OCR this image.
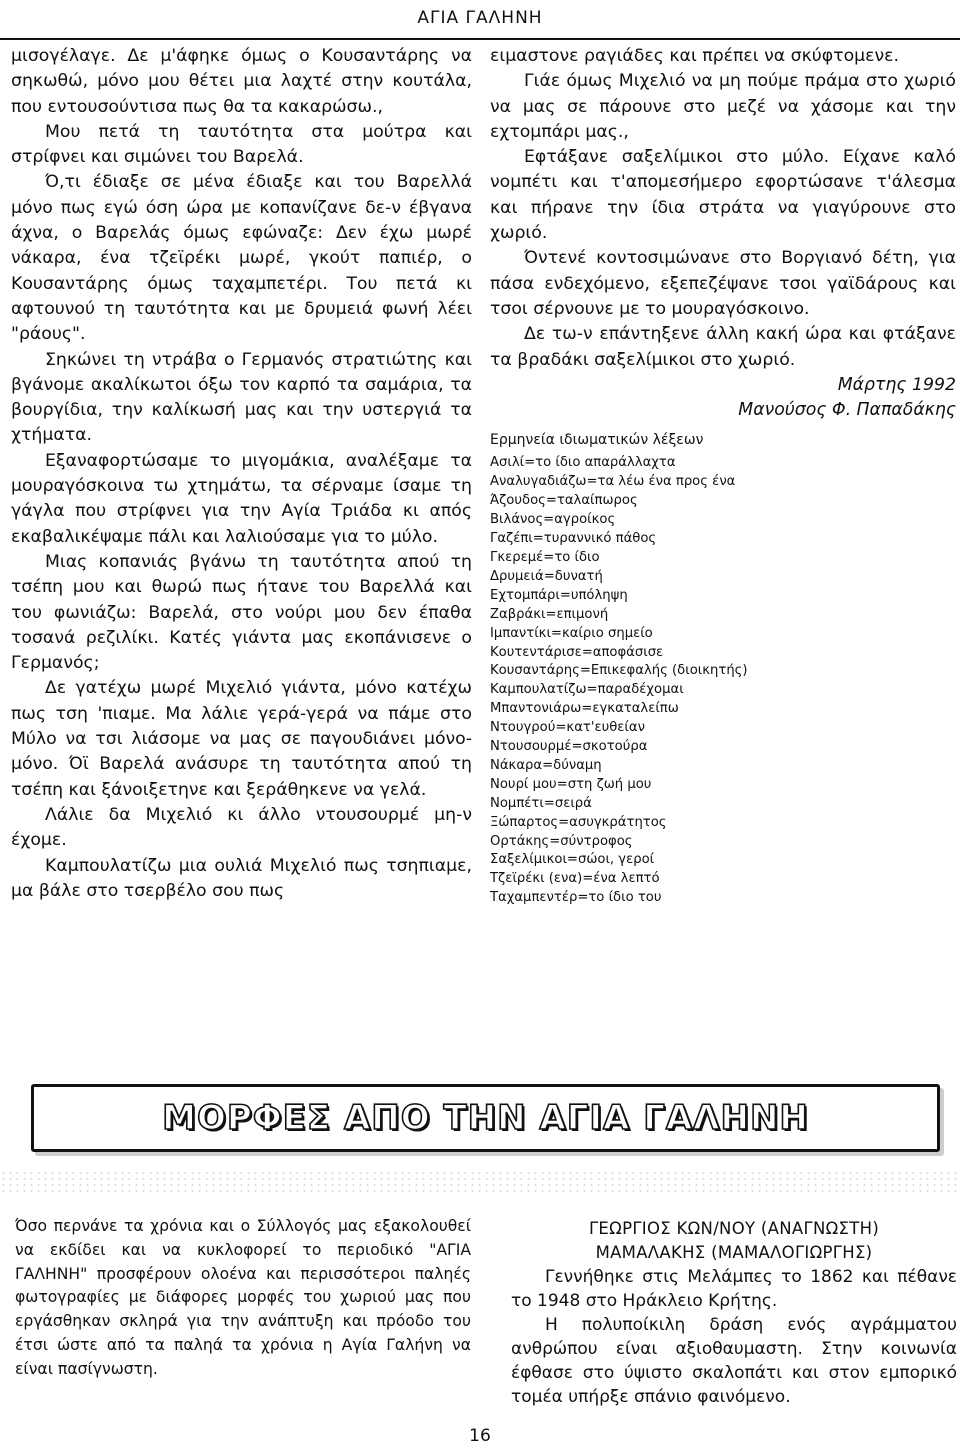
ΑΓΙΑ ΓΑΛΗΝΗ

μισογέλαγε. Δε μ'άφηκε όμως ο Κουσαντάρης να σηκωθώ, μόνο μου θέτει μια λαχτέ στην κουτάλα, που εντουσούντισα πως θα τα κακαρώσω.,

Μου πετά τη ταυτότητα στα μούτρα και στρίφνει και σιμώνει του Βαρελά.

Ό,τι έδιαξε σε μένα έδιαξε και του Βαρελλά μόνο πως εγώ όση ώρα με κοπανίζανε δε-ν έβγανα άχνα, ο Βαρελάς όμως εφώναζε: Δεν έχω μωρέ νάκαρα, ένα τζεϊρέκι μωρέ, γκούτ παπιέρ, ο Κουσαντάρης όμως ταχαμπετέρι. Του πετά κι αφτουνού τη ταυτότητα και με δρυμειά φωνή λέει "ράους".

Σηκώνει τη ντράβα ο Γερμανός στρατιώτης και βγάνομε ακαλίκωτοι όξω τον καρπό τα σαμάρια, τα βουργίδια, την καλίκωσή μας και την υστεργιά τα χτήματα.

Εξαναφορτώσαμε το μιγομάκια, αναλέξαμε τα μουραγόσκοινα τω χτημάτω, τα σέρναμε ίσαμε τη γάγλα που στρίφνει για την Αγία Τριάδα κι απός εκαβαλικέψαμε πάλι και λαλιούσαμε για το μύλο.

Μιας κοπανιάς βγάνω τη ταυτότητα απού τη τσέπη μου και θωρώ πως ήτανε του Βαρελλά και του φωνιάζω: Βαρελά, στο νούρι μου δεν έπαθα τοσανά ρεζιλίκι. Κατές γιάντα μας εκοπάνισενε ο Γερμανός;

Δε γατέχω μωρέ Μιχελιό γιάντα, μόνο κατέχω πως τση 'πιαμε. Μα λάλιε γερά-γερά να πάμε στο Μύλο να τσι λιάσομε να μας σε παγουδιάνει μόνο-μόνο. Όϊ Βαρελά ανάσυρε τη ταυτότητα απού τη τσέπη και ξάνοιξετηνε και ξεράθηκενε να γελά.

Λάλιε δα Μιχελιό κι άλλο ντουσουρμέ μη-ν έχομε.

Καμπουλατίζω μια ουλιά Μιχελιό πως τσηπιαμε, μα βάλε στο τσερβέλο σου πως

ειμαστονε ραγιάδες και πρέπει να σκύφτομενε.

Γιάε όμως Μιχελιό να μη πούμε πράμα στο χωριό να μας σε πάρουνε στο μεζέ να χάσομε και την εχτομπάρι μας.,

Εφτάξανε σαξελίμικοι στο μύλο. Είχανε καλό νομπέτι και τ'απομεσήμερο εφορτώσανε τ'άλεσμα και πήρανε την ίδια στράτα να γιαγύρουνε στο χωριό.

Όντενέ κοντοσιμώνανε στο Βοργιανό δέτη, για πάσα ενδεχόμενο, εξεπεζέψανε τσοι γαϊδάρους και τσοι σέρνουνε με το μουραγόσκοινο.

Δε τω-ν επάντηξενε άλλη κακή ώρα και φτάξανε τα βραδάκι σαξελίμικοι στο χωριό.

Μάρτης 1992

Μανούσος Φ. Παπαδάκης

Ερμηνεία ιδιωματικών λέξεων
Ασιλί=το ίδιο απαράλλαχτα
Αναλυγαδιάζω=τα λέω ένα προς ένα
Άζουδος=ταλαίπωρος
Βιλάνος=αγροίκος
Γαζέπι=τυραννικό πάθος
Γκερεμέ=το ίδιο
Δρυμειά=δυνατή
Εχτομπάρι=υπόληψη
Ζαβράκι=επιμονή
Ιμπαντίκι=καίριο σημείο
Κουτεντάρισε=αποφάσισε
Κουσαντάρης=Επικεφαλής (διοικητής)
Καμπουλατίζω=παραδέχομαι
Μπαντονιάρω=εγκαταλείπω
Ντουγρού=κατ'ευθείαν
Ντουσουρμέ=σκοτούρα
Νάκαρα=δύναμη
Νουρί μου=στη ζωή μου
Νομπέτι=σειρά
Ξώπαρτος=ασυγκράτητος
Ορτάκης=σύντροφος
Σαξελίμικοι=σώοι, γεροί
Τζεϊρέκι (ενα)=ένα λεπτό
Ταχαμπεντέρ=το ίδιο του
ΜΟΡΦΕΣ ΑΠΟ ΤΗΝ ΑΓΙΑ ΓΑΛΗΝΗ
Όσο περνάνε τα χρόνια και ο Σύλλογός μας εξακολουθεί να εκδίδει και να κυκλοφορεί το περιοδικό "ΑΓΙΑ ΓΑΛΗΝΗ" προσφέρουν ολοένα και περισσότεροι παληές φωτογραφίες με διάφορες μορφές του χωριού μας που εργάσθηκαν σκληρά για την ανάπτυξη και πρόοδο του έτσι ώστε από τα παληά τα χρόνια η Αγία Γαλήνη να είναι πασίγνωστη.
ΓΕΩΡΓΙΟΣ ΚΩΝ/ΝΟΥ (ΑΝΑΓΝΩΣΤΗ)
ΜΑΜΑΛΑΚΗΣ (ΜΑΜΑΛΟΓΙΩΡΓΗΣ)

Γεννήθηκε στις Μελάμπες το 1862 και πέθανε το 1948 στο Ηράκλειο Κρήτης.

Η πολυποίκιλη δράση ενός αγράμματου ανθρώπου είναι αξιοθαυμαστη. Στην κοινωνία έφθασε στο ύψιστο σκαλοπάτι και στον εμπορικό τομέα υπήρξε σπάνιο φαινόμενο.

16
